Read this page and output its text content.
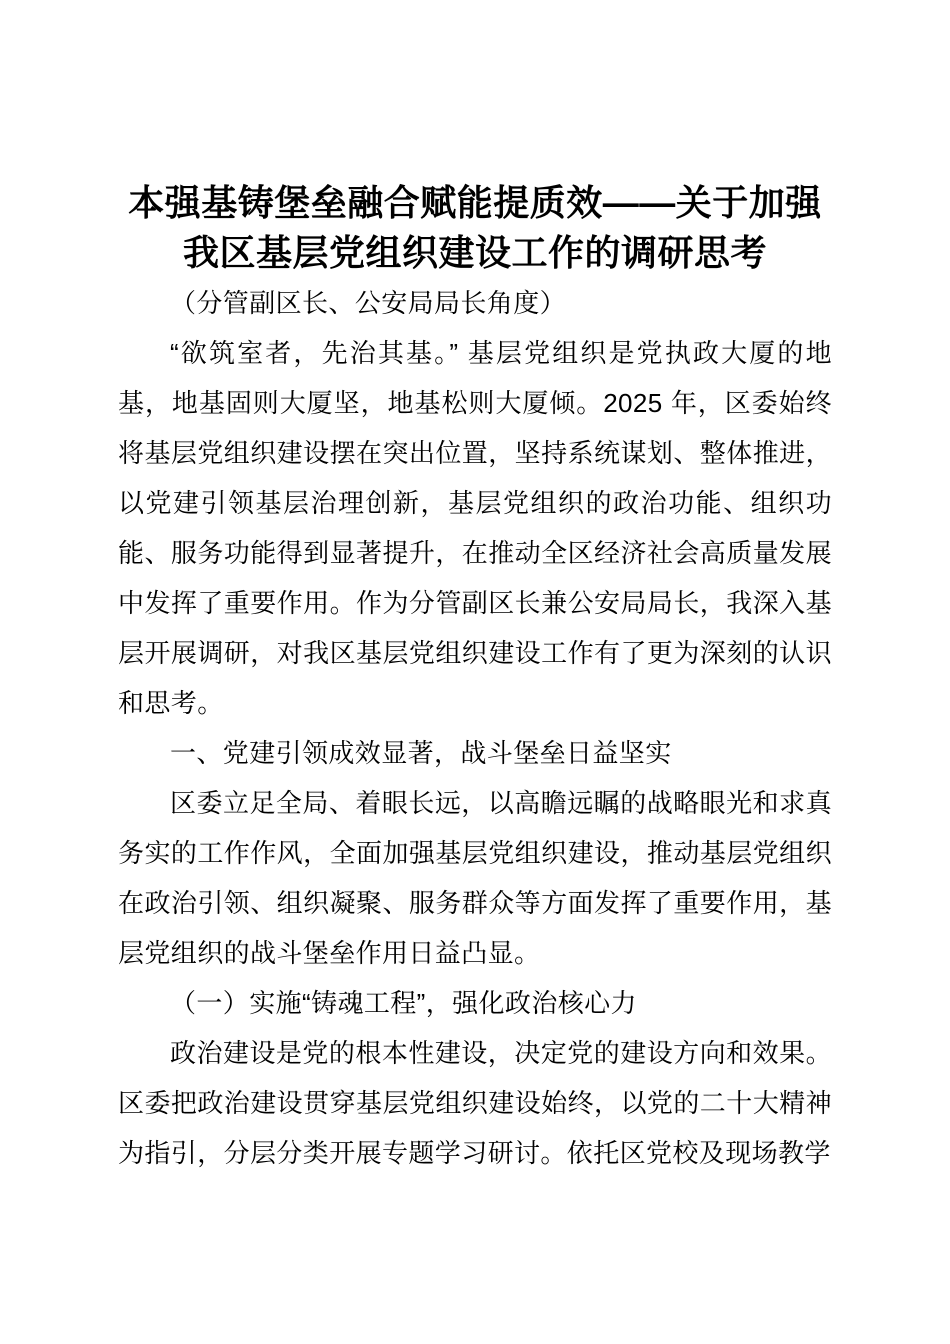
本强基铸堡垒融合赋能提质效——关于加强
我区基层党组织建设工作的调研思考

（分管副区长、公安局局长角度）

“欲筑室者，先治其基。” 基层党组织是党执政大厦的地基，地基固则大厦坚，地基松则大厦倾。2025 年，区委始终将基层党组织建设摆在突出位置，坚持系统谋划、整体推进，以党建引领基层治理创新，基层党组织的政治功能、组织功能、服务功能得到显著提升，在推动全区经济社会高质量发展中发挥了重要作用。作为分管副区长兼公安局局长，我深入基层开展调研，对我区基层党组织建设工作有了更为深刻的认识和思考。

一、党建引领成效显著，战斗堡垒日益坚实

区委立足全局、着眼长远，以高瞻远瞩的战略眼光和求真务实的工作作风，全面加强基层党组织建设，推动基层党组织在政治引领、组织凝聚、服务群众等方面发挥了重要作用，基层党组织的战斗堡垒作用日益凸显。

（一）实施“铸魂工程”，强化政治核心力

政治建设是党的根本性建设，决定党的建设方向和效果。区委把政治建设贯穿基层党组织建设始终，以党的二十大精神为指引，分层分类开展专题学习研讨。依托区党校及现场教学
